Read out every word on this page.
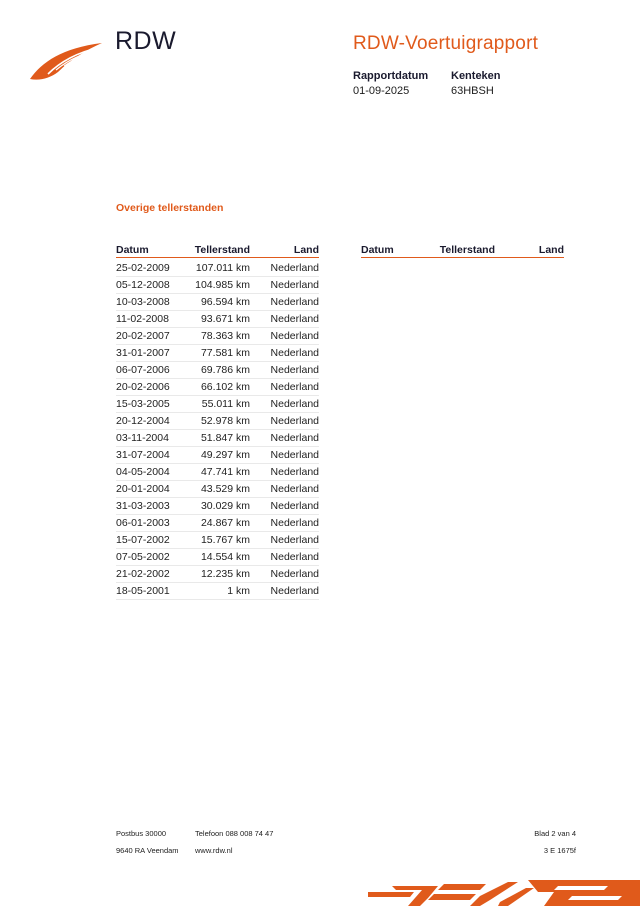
RDW	RDW-Voertuigrapport
Rapportdatum
01-09-2025
Kenteken
63HBSH
Overige tellerstanden
Datum	Tellerstand	Land
25-02-2009	107.011 km	Nederland
05-12-2008	104.985 km	Nederland
10-03-2008	96.594 km	Nederland
11-02-2008	93.671 km	Nederland
20-02-2007	78.363 km	Nederland
31-01-2007	77.581 km	Nederland
06-07-2006	69.786 km	Nederland
20-02-2006	66.102 km	Nederland
15-03-2005	55.011 km	Nederland
20-12-2004	52.978 km	Nederland
03-11-2004	51.847 km	Nederland
31-07-2004	49.297 km	Nederland
04-05-2004	47.741 km	Nederland
20-01-2004	43.529 km	Nederland
31-03-2003	30.029 km	Nederland
06-01-2003	24.867 km	Nederland
15-07-2002	15.767 km	Nederland
07-05-2002	14.554 km	Nederland
21-02-2002	12.235 km	Nederland
18-05-2001	1 km	Nederland
Datum	Tellerstand	Land
Postbus 30000	Telefoon 088 008 74 47
9640 RA Veendam www.rdw.nl
Blad 2 van 4
3 E 1675f
